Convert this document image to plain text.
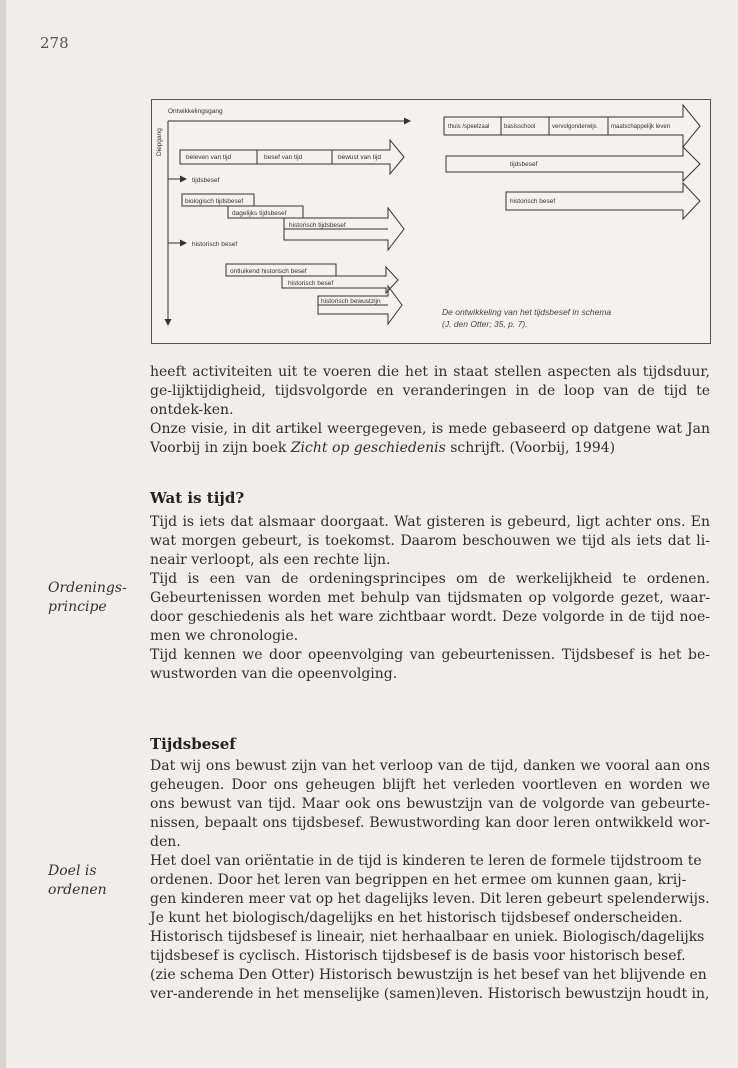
278
Ontwikkelingsgang
Diepgang
beleven van tijd	besef van tijd	bewust van tijd
tijdsbesef
biologisch tijdsbesef
dagelijks tijdsbesef
historisch tijdsbesef
historisch besef
ontluikend historisch besef
historisch besef
historisch bewustzijn
thuis /speelzaal basisschool	vervolgonderwijs maatschappelijk leven
tijdsbesef
historisch besef
De ontwikkeling van het tijdsbesef in schema
(J. den Otter; 35, p. 7).

heeft activiteiten uit te voeren die het in staat stellen aspecten als tijdsduur, ge-lijktijdigheid, tijdsvolgorde en veranderingen in de loop van de tijd te ontdek-ken.

Onze visie, in dit artikel weergegeven, is mede gebaseerd op datgene wat Jan Voorbij in zijn boek Zicht op geschiedenis schrijft. (Voorbij, 1994)

Wat is tijd?

Tijd is iets dat alsmaar doorgaat. Wat gisteren is gebeurd, ligt achter ons. En wat morgen gebeurt, is toekomst. Daarom beschouwen we tijd als iets dat li-neair verloopt, als een rechte lijn.

Tijd is een van de ordeningsprincipes om de werkelijkheid te ordenen. Gebeurtenissen worden met behulp van tijdsmaten op volgorde gezet, waar-door geschiedenis als het ware zichtbaar wordt. Deze volgorde in de tijd noe-men we chronologie.

Tijd kennen we door opeenvolging van gebeurtenissen. Tijdsbesef is het be-wustworden van die opeenvolging.

Ordenings-principe
Tijdsbesef

Dat wij ons bewust zijn van het verloop van de tijd, danken we vooral aan ons geheugen. Door ons geheugen blijft het verleden voortleven en worden we ons bewust van tijd. Maar ook ons bewustzijn van de volgorde van gebeurte-nissen, bepaalt ons tijdsbesef. Bewustwording kan door leren ontwikkeld wor-den.

Het doel van oriëntatie in de tijd is kinderen te leren de formele tijdstroom te ordenen. Door het leren van begrippen en het ermee om kunnen gaan, krij-gen kinderen meer vat op het dagelijks leven. Dit leren gebeurt spelenderwijs. Je kunt het biologisch/dagelijks en het historisch tijdsbesef onderscheiden. Historisch tijdsbesef is lineair, niet herhaalbaar en uniek. Biologisch/dagelijks tijdsbesef is cyclisch. Historisch tijdsbesef is de basis voor historisch besef. (zie schema Den Otter) Historisch bewustzijn is het besef van het blijvende en ver-anderende in het menselijke (samen)leven. Historisch bewustzijn houdt in,

Doel is ordenen
